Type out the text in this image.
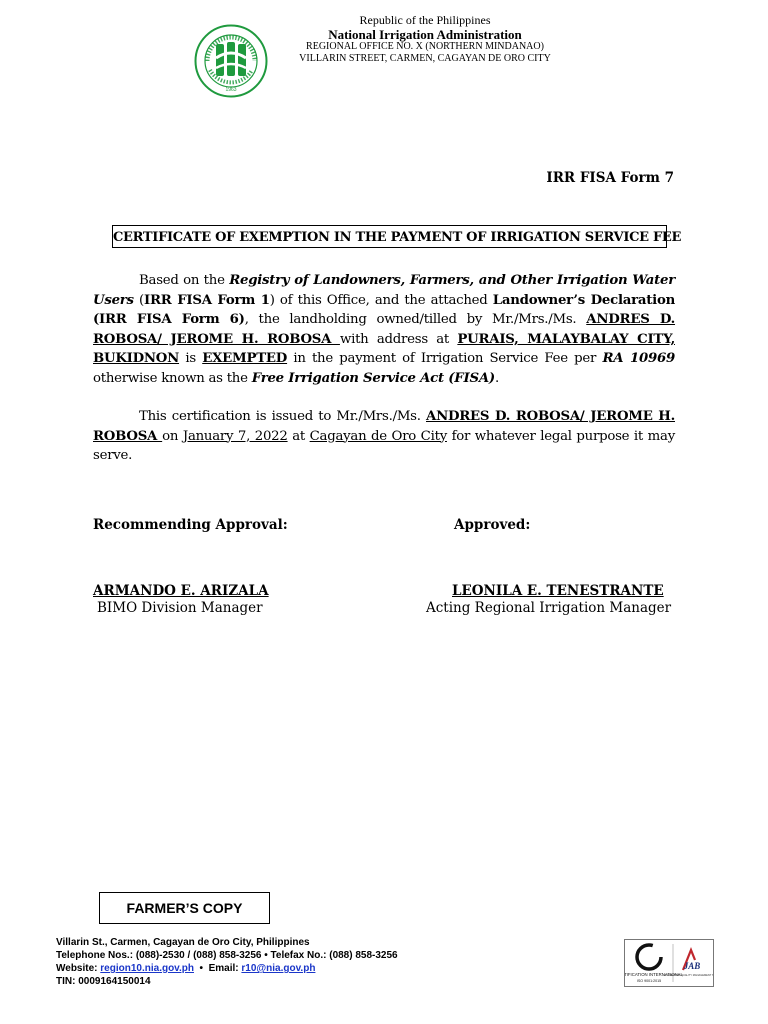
1963
Republic of the Philippines
National Irrigation Administration
REGIONAL OFFICE NO. X (NORTHERN MINDANAO)
VILLARIN STREET, CARMEN, CAGAYAN DE ORO CITY
IRR FISA Form 7
CERTIFICATE OF EXEMPTION IN THE PAYMENT OF IRRIGATION SERVICE FEE
Based on the Registry of Landowners, Farmers, and Other Irrigation Water Users (IRR FISA Form 1) of this Office, and the attached Landowner’s Declaration (IRR FISA Form 6), the landholding owned/tilled by Mr./Mrs./Ms. ANDRES D. ROBOSA/ JEROME H. ROBOSA with address at PURAIS, MALAYBALAY CITY, BUKIDNON is EXEMPTED in the payment of Irrigation Service Fee per RA 10969 otherwise known as the Free Irrigation Service Act (FISA).
This certification is issued to Mr./Mrs./Ms. ANDRES D. ROBOSA/ JEROME H. ROBOSA on January 7, 2022 at Cagayan de Oro City for whatever legal purpose it may serve.
Recommending Approval:	Approved:
ARMANDO E. ARIZALA
BIMO Division Manager
LEONILA E. TENESTRANTE
Acting Regional Irrigation Manager
FARMER’S COPY
Villarin St., Carmen, Cagayan de Oro City, Philippines
Telephone Nos.: (088)-2530 / (088) 858-3256 • Telefax No.: (088) 858-3256
Website: region10.nia.gov.ph  •  Email: r10@nia.gov.ph
TIN: 0009164150014
TIFICATION INTERNATIONAL
ISO 9001:2015
JAB
ACCREDITED QUALITY MANAGEMENT
